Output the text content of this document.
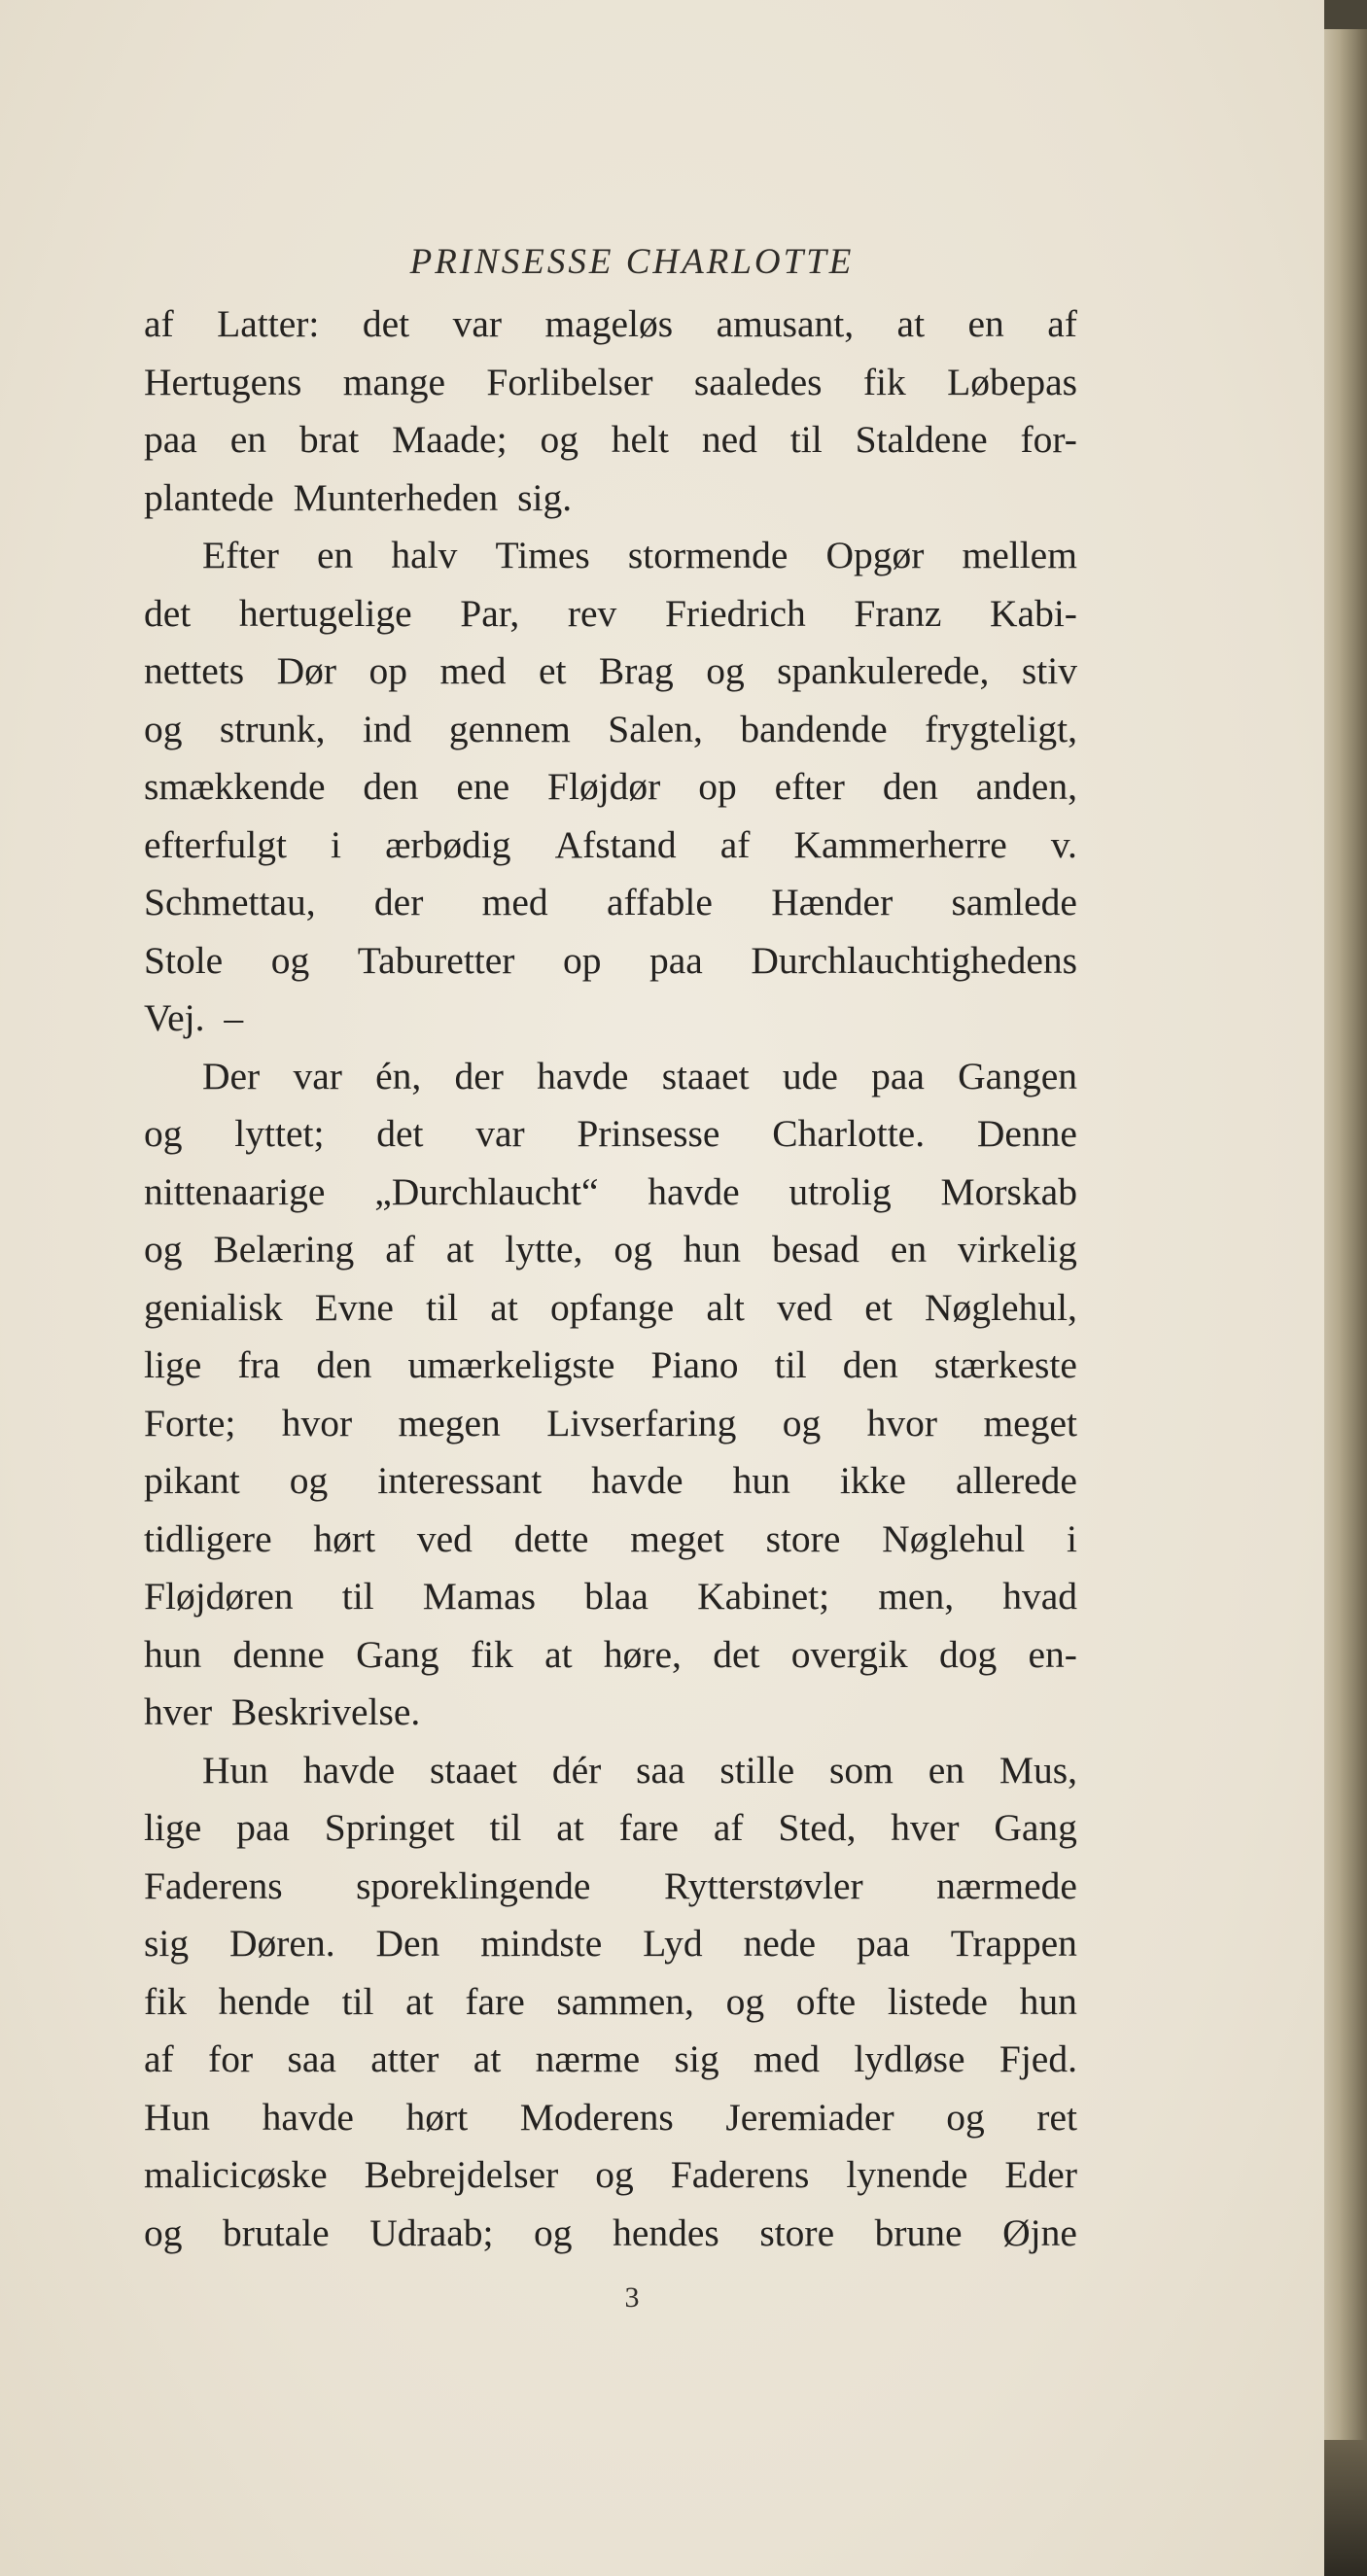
PRINSESSE CHARLOTTE
af Latter: det var mageløs amusant, at en af
Hertugens mange Forlibelser saaledes fik Løbepas
paa en brat Maade; og helt ned til Staldene for-
plantede Munterheden sig.
Efter en halv Times stormende Opgør mellem
det hertugelige Par, rev Friedrich Franz Kabi-
nettets Dør op med et Brag og spankulerede, stiv
og strunk, ind gennem Salen, bandende frygteligt,
smækkende den ene Fløjdør op efter den anden,
efterfulgt i ærbødig Afstand af Kammerherre v.
Schmettau, der med affable Hænder samlede
Stole og Taburetter op paa Durchlauchtighedens
Vej. –
Der var én, der havde staaet ude paa Gangen
og lyttet; det var Prinsesse Charlotte. Denne
nittenaarige „Durchlaucht“ havde utrolig Morskab
og Belæring af at lytte, og hun besad en virkelig
genialisk Evne til at opfange alt ved et Nøglehul,
lige fra den umærkeligste Piano til den stærkeste
Forte; hvor megen Livserfaring og hvor meget
pikant og interessant havde hun ikke allerede
tidligere hørt ved dette meget store Nøglehul i
Fløjdøren til Mamas blaa Kabinet; men, hvad
hun denne Gang fik at høre, det overgik dog en-
hver Beskrivelse.
Hun havde staaet dér saa stille som en Mus,
lige paa Springet til at fare af Sted, hver Gang
Faderens sporeklingende Rytterstøvler nærmede
sig Døren. Den mindste Lyd nede paa Trappen
fik hende til at fare sammen, og ofte listede hun
af for saa atter at nærme sig med lydløse Fjed.
Hun havde hørt Moderens Jeremiader og ret
malicicøske Bebrejdelser og Faderens lynende Eder
og brutale Udraab; og hendes store brune Øjne
3
